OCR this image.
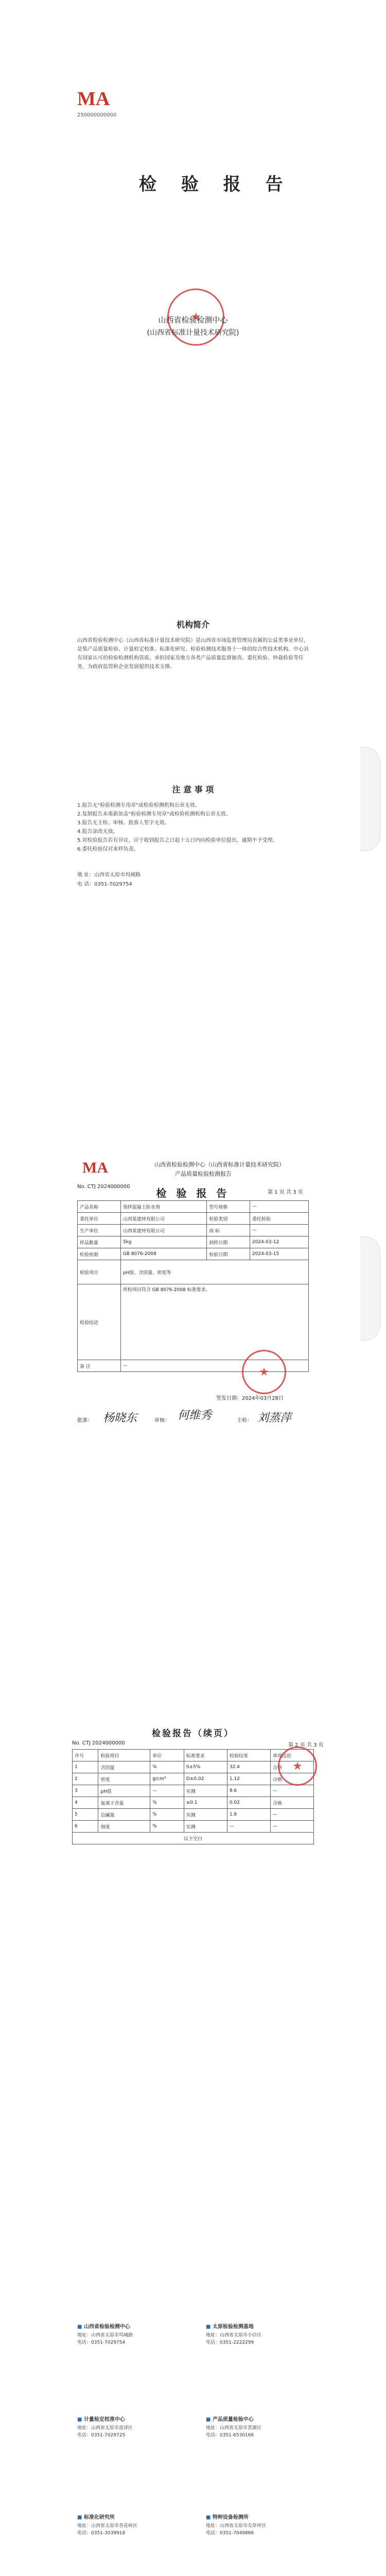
MA
250000000000
检 验 报 告
★
山西省检验检测中心
(山西省标准计量技术研究院)
机构简介
山西省检验检测中心（山西省标准计量技术研究院）是山西省市场监督管理局直属的公益类事业单位，是集产品质量检验、计量检定校准、标准化研究、检验检测技术服务于一体的综合性技术机构。中心具有国家认可的检验检测机构资质，承担国家及地方各类产品质量监督抽查、委托检验、仲裁检验等任务，为政府监管和企业发展提供技术支撑。
注 意 事 项
1.报告无"检验检测专用章"或检验检测机构公章无效。
2.复制报告未重新加盖"检验检测专用章"或检验检测机构公章无效。
3.报告无主检、审核、批准人签字无效。
4.报告涂改无效。
5.对检验报告若有异议，应于收到报告之日起十五日内向检验单位提出，逾期不予受理。
6.委托检验仅对来样负责。
地 址：山西省太原市坞城路
电 话：0351-7029754
MA	山西省检验检测中心（山西省标准计量技术研究院）
产品质量检验检测报告
No. CTJ 2024000000
检 验 报 告	第 1 页 共 3 页
产品名称	预拌混凝土防水剂	型号规格	—
委托单位	山西某建材有限公司	检验类别	委托检验
生产单位	山西某建材有限公司	商 标	—
样品数量	5kg	到样日期	2024-03-12
检验依据	GB 8076-2008	检验日期	2024-03-15
检验项目	pH值、含固量、密度等		
检验结论	所检项目符合 GB 8076-2008 标准要求。		
备 注	—		
★
签发日期：2024年03月28日
批准： 杨晓东	审核： 何维秀	主检： 刘蒸萍
检验报告（续页）
No. CTJ 2024000000	第 2 页 共 3 页
序号	检验项目	单位	标准要求	检验结果	单项结论
1	含固量	%	S±5%	32.4	合格
2	密度	g/cm³	D±0.02	1.12	合格
3	pH值	—	实测	8.6	—
4	氯离子含量	%	≤0.1	0.02	合格
5	总碱量	%	实测	1.8	—
6	细度	%	实测	—	—
以下空白					
★
■ 山西省检验检测中心
地址：山西省太原市坞城路
电话：0351-7029754
■ 太原检验检测基地
地址：山西省太原市小店区
电话：0351-2222299
■ 计量检定校准中心
地址：山西省太原市迎泽区
电话：0351-7029725
■ 产品质量检验中心
地址：山西省太原市晋源区
电话：0351-6530166
■ 标准化研究所
地址：山西省太原市杏花岭区
电话：0351-3039918
■ 特种设备检测所
地址：山西省太原市尖草坪区
电话：0351-7049866
